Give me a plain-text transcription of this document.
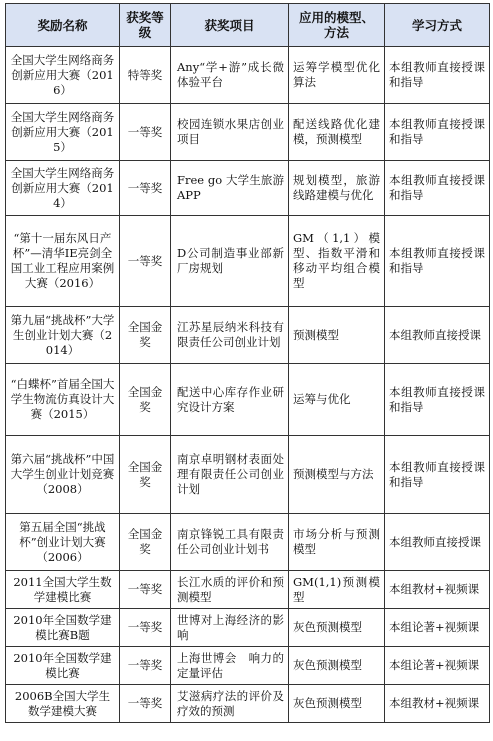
奖励名称	获奖等级	获奖项目	应用的模型、方法	学习方式
全国大学生网络商务创新应用大赛（2016）	特等奖	Any“学+游”成长微体验平台	运筹学模型优化算法	本组教师直接授课和指导
全国大学生网络商务创新应用大赛（2015）	一等奖	校园连锁水果店创业项目	配送线路优化建模，预测模型	本组教师直接授课和指导
全国大学生网络商务创新应用大赛（2014）	一等奖	Free go 大学生旅游APP	规划模型，旅游线路建模与优化	本组教师直接授课和指导
“第十一届东风日产杯”—清华IE亮剑全国工业工程应用案例大赛（2016）	一等奖	D公司制造事业部新厂房规划	GM（1,1）模型、指数平滑和移动平均组合模型	本组教师直接授课和指导
第九届“挑战杯”大学生创业计划大赛（2014）	全国金奖	江苏星辰纳米科技有限责任公司创业计划	预测模型	本组教师直接授课
“白蝶杯”首届全国大学生物流仿真设计大赛（2015）	全国金奖	配送中心库存作业研究设计方案	运筹与优化	本组教师直接授课和指导
第六届“挑战杯”中国大学生创业计划竞赛（2008）	全国金奖	南京卓明钢材表面处理有限责任公司创业计划	预测模型与方法	本组教师直接授课和指导
第五届全国“挑战杯”创业计划大赛（2006）	全国金奖	南京锋锐工具有限责任公司创业计划书	市场分析与预测模型	本组教师直接授课
2011全国大学生数学建模比赛	一等奖	长江水质的评价和预测模型	GM(1,1)预测模型	本组教材+视频课
2010年全国数学建模比赛B题	一等奖	世博对上海经济的影响	灰色预测模型	本组论著+视频课
2010年全国数学建模比赛	一等奖	上海世博会　响力的定量评估	灰色预测模型	本组论著+视频课
2006B全国大学生数学建模大赛	一等奖	艾滋病疗法的评价及疗效的预测	灰色预测模型	本组教材+视频课
